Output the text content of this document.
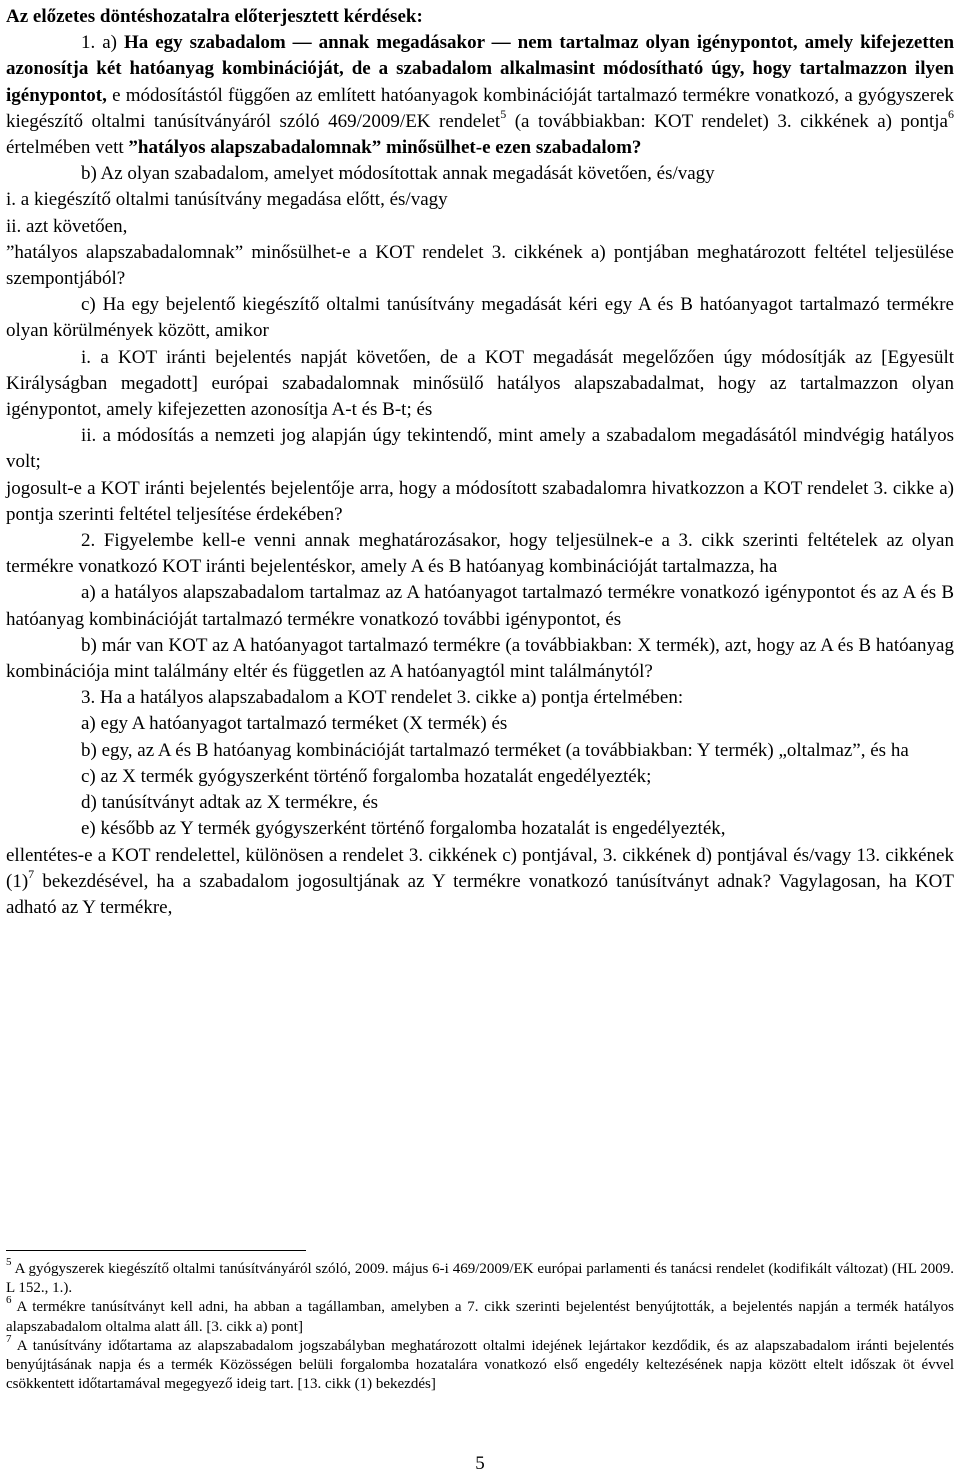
Az előzetes döntéshozatalra előterjesztett kérdések:

1. a) Ha egy szabadalom — annak megadásakor — nem tartalmaz olyan igénypontot, amely kifejezetten azonosítja két hatóanyag kombinációját, de a szabadalom alkalmasint módosítható úgy, hogy tartalmazzon ilyen igénypontot, e módosítástól függően az említett hatóanyagok kombinációját tartalmazó termékre vonatkozó, a gyógyszerek kiegészítő oltalmi tanúsítványáról szóló 469/2009/EK rendelet$^5$ (a továbbiakban: KOT rendelet) 3. cikkének a) pontja$^6$ értelmében vett ”hatályos alapszabadalomnak” minősülhet-e ezen szabadalom?

b) Az olyan szabadalom, amelyet módosítottak annak megadását követően, és/vagy

i. a kiegészítő oltalmi tanúsítvány megadása előtt, és/vagy

ii. azt követően,

”hatályos alapszabadalomnak” minősülhet-e a KOT rendelet 3. cikkének a) pontjában meghatározott feltétel teljesülése szempontjából?

c) Ha egy bejelentő kiegészítő oltalmi tanúsítvány megadását kéri egy A és B hatóanyagot tartalmazó termékre olyan körülmények között, amikor

i. a KOT iránti bejelentés napját követően, de a KOT megadását megelőzően úgy módosítják az [Egyesült Királyságban megadott] európai szabadalomnak minősülő hatályos alapszabadalmat, hogy az tartalmazzon olyan igénypontot, amely kifejezetten azonosítja A-t és B-t; és

ii. a módosítás a nemzeti jog alapján úgy tekintendő, mint amely a szabadalom megadásától mindvégig hatályos volt;

jogosult-e a KOT iránti bejelentés bejelentője arra, hogy a módosított szabadalomra hivatkozzon a KOT rendelet 3. cikke a) pontja szerinti feltétel teljesítése érdekében?

2. Figyelembe kell-e venni annak meghatározásakor, hogy teljesülnek-e a 3. cikk szerinti feltételek az olyan termékre vonatkozó KOT iránti bejelentéskor, amely A és B hatóanyag kombinációját tartalmazza, ha

a) a hatályos alapszabadalom tartalmaz az A hatóanyagot tartalmazó termékre vonatkozó igénypontot és az A és B hatóanyag kombinációját tartalmazó termékre vonatkozó további igénypontot, és

b) már van KOT az A hatóanyagot tartalmazó termékre (a továbbiakban: X termék), azt, hogy az A és B hatóanyag kombinációja mint találmány eltér és független az A hatóanyagtól mint találmánytól?

3. Ha a hatályos alapszabadalom a KOT rendelet 3. cikke a) pontja értelmében:

a) egy A hatóanyagot tartalmazó terméket (X termék) és

b) egy, az A és B hatóanyag kombinációját tartalmazó terméket (a továbbiakban: Y termék) „oltalmaz”, és ha

c) az X termék gyógyszerként történő forgalomba hozatalát engedélyezték;

d) tanúsítványt adtak az X termékre, és

e) később az Y termék gyógyszerként történő forgalomba hozatalát is engedélyezték,

ellentétes-e a KOT rendelettel, különösen a rendelet 3. cikkének c) pontjával, 3. cikkének d) pontjával és/vagy 13. cikkének $(1)^7$ bekezdésével, ha a szabadalom jogosultjának az Y termékre vonatkozó tanúsítványt adnak? Vagylagosan, ha KOT adható az Y termékre,

$^5$ A gyógyszerek kiegészítő oltalmi tanúsítványáról szóló, 2009. május 6-i 469/2009/EK európai parlamenti és tanácsi rendelet (kodifikált változat) (HL 2009. L 152., 1.).

$^6$ A termékre tanúsítványt kell adni, ha abban a tagállamban, amelyben a 7. cikk szerinti bejelentést benyújtották, a bejelentés napján a termék hatályos alapszabadalom oltalma alatt áll. [3. cikk a) pont]

$^7$ A tanúsítvány időtartama az alapszabadalom jogszabályban meghatározott oltalmi idejének lejártakor kezdődik, és az alapszabadalom iránti bejelentés benyújtásának napja és a termék Közösségen belüli forgalomba hozatalára vonatkozó első engedély keltezésének napja között eltelt időszak öt évvel csökkentett időtartamával megegyező ideig tart. [13. cikk (1) bekezdés]

5
